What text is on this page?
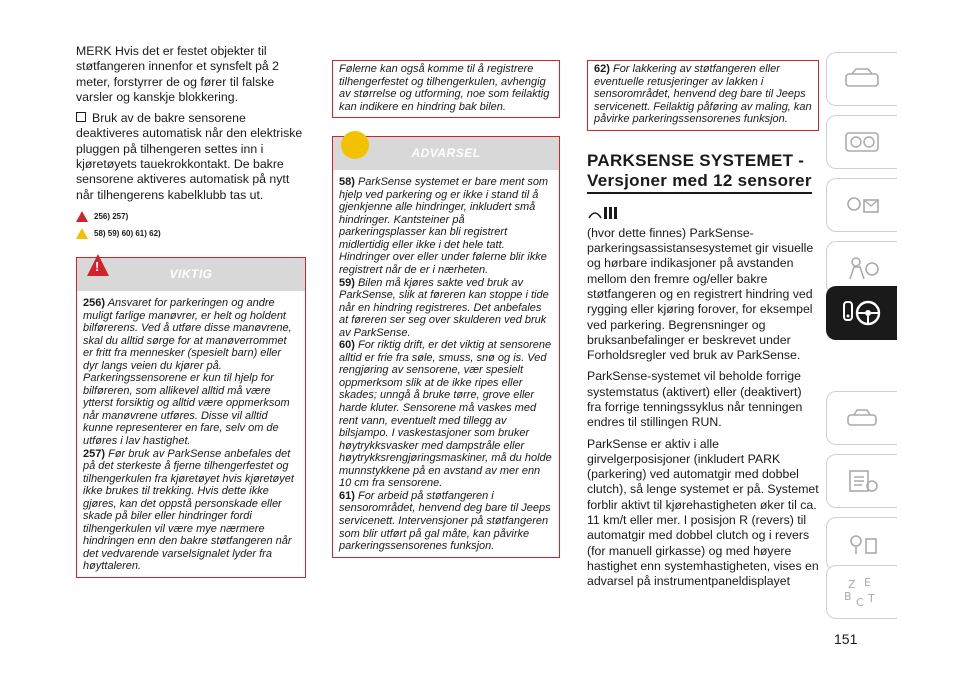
MERK Hvis det er festet objekter til støtfangeren innenfor et synsfelt på 2 meter, forstyrrer de og fører til falske varsler og kanskje blokkering.

Bruk av de bakre sensorene deaktiveres automatisk når den elektriske pluggen på tilhengeren settes inn i kjøretøyets tauekrokkontakt. De bakre sensorene aktiveres automatisk på nytt når tilhengerens kabelklubb tas ut.

256) 257)
58) 59) 60) 61) 62)
!
VIKTIG

256) Ansvaret for parkeringen og andre muligt farlige manøvrer, er helt og holdent bilførerens. Ved å utføre disse manøvrene, skal du alltid sørge for at manøverrommet er fritt fra mennesker (spesielt barn) eller dyr langs veien du kjører på. Parkeringssensorene er kun til hjelp for bilføreren, som allikevel alltid må være ytterst forsiktig og alltid være oppmerksom når manøvrene utføres. Disse vil alltid kunne representerer en fare, selv om de utføres i lav hastighet.

257) Før bruk av ParkSense anbefales det på det sterkeste å fjerne tilhengerfestet og tilhengerkulen fra kjøretøyet hvis kjøretøyet ikke brukes til trekking. Hvis dette ikke gjøres, kan det oppstå personskade eller skade på biler eller hindringer fordi tilhengerkulen vil være mye nærmere hindringen enn den bakre støtfangeren når det vedvarende varselsignalet lyder fra høyttaleren.

Følerne kan også komme til å registrere tilhengerfestet og tilhengerkulen, avhengig av størrelse og utforming, noe som feilaktig kan indikere en hindring bak bilen.

ADVARSEL

58) ParkSense systemet er bare ment som hjelp ved parkering og er ikke i stand til å gjenkjenne alle hindringer, inkludert små hindringer. Kantsteiner på parkeringsplasser kan bli registrert midlertidig eller ikke i det hele tatt. Hindringer over eller under følerne blir ikke registrert når de er i nærheten.

59) Bilen må kjøres sakte ved bruk av ParkSense, slik at føreren kan stoppe i tide når en hindring registreres. Det anbefales at føreren ser seg over skulderen ved bruk av ParkSense.

60) For riktig drift, er det viktig at sensorene alltid er frie fra søle, smuss, snø og is. Ved rengjøring av sensorene, vær spesielt oppmerksom slik at de ikke ripes eller skades; unngå å bruke tørre, grove eller harde kluter. Sensorene må vaskes med rent vann, eventuelt med tillegg av bilsjampo. I vaskestasjoner som bruker høytrykksvasker med dampstråle eller høytrykksrengjøringsmaskiner, må du holde munnstykkene på en avstand av mer enn 10 cm fra sensorene.

61) For arbeid på støtfangeren i sensorområdet, henvend deg bare til Jeeps servicenett. Intervensjoner på støtfangeren som blir utført på gal måte, kan påvirke parkeringssensorenes funksjon.

62) For lakkering av støtfangeren eller eventuelle retusjeringer av lakken i sensorområdet, henvend deg bare til Jeeps servicenett. Feilaktig påføring av maling, kan påvirke parkeringssensorenes funksjon.

PARKSENSE SYSTEMET -

Versjoner med 12 sensorer

(hvor dette finnes) ParkSense-parkeringsassistansesystemet gir visuelle og hørbare indikasjoner på avstanden mellom den fremre og/eller bakre støtfangeren og en registrert hindring ved rygging eller kjøring forover, for eksempel ved parkering. Begrensninger og bruksanbefalinger er beskrevet under Forholdsregler ved bruk av ParkSense.

ParkSense-systemet vil beholde forrige systemstatus (aktivert) eller (deaktivert) fra forrige tenningssyklus når tenningen endres til stillingen RUN.

ParkSense er aktiv i alle girvelgerposisjoner (inkludert PARK (parkering) ved automatgir med dobbel clutch), så lenge systemet er på. Systemet forblir aktivt til kjørehastigheten øker til ca. 11 km/t eller mer. I posisjon R (revers) til automatgir med dobbel clutch og i revers (for manuell girkasse) og med høyere hastighet enn systemhastigheten, vises en advarsel på instrumentpaneldisplayet

151
Z E
B C T
